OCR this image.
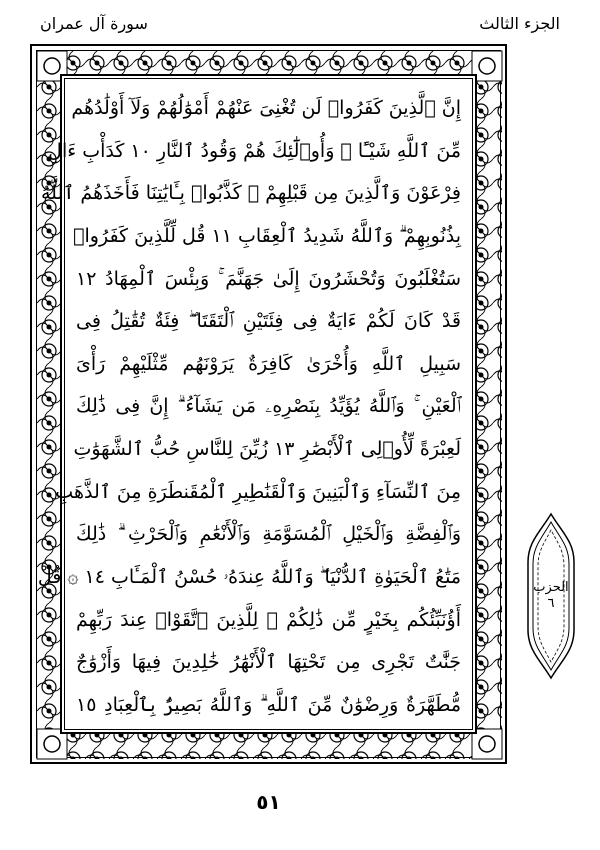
سورة آل عمران	الجزء الثالث
إِنَّ ٱلَّذِينَ كَفَرُوا۟ لَن تُغْنِىَ عَنْهُمْ أَمْوَٰلُهُمْ وَلَآ أَوْلَٰدُهُم
مِّنَ ٱللَّهِ شَيْـًٔا ۖ وَأُو۟لَٰٓئِكَ هُمْ وَقُودُ ٱلنَّارِ ١٠ كَدَأْبِ ءَالِ
فِرْعَوْنَ وَٱلَّذِينَ مِن قَبْلِهِمْ ۚ كَذَّبُوا۟ بِـَٔايَٰتِنَا فَأَخَذَهُمُ ٱللَّهُ
بِذُنُوبِهِمْ ۗ وَٱللَّهُ شَدِيدُ ٱلْعِقَابِ ١١ قُل لِّلَّذِينَ كَفَرُوا۟
سَتُغْلَبُونَ وَتُحْشَرُونَ إِلَىٰ جَهَنَّمَ ۚ وَبِئْسَ ٱلْمِهَادُ ١٢
قَدْ كَانَ لَكُمْ ءَايَةٌ فِى فِئَتَيْنِ ٱلْتَقَتَا ۖ فِئَةٌ تُقَٰتِلُ فِى
سَبِيلِ ٱللَّهِ وَأُخْرَىٰ كَافِرَةٌ يَرَوْنَهُم مِّثْلَيْهِمْ رَأْىَ
ٱلْعَيْنِ ۚ وَٱللَّهُ يُؤَيِّدُ بِنَصْرِهِۦ مَن يَشَآءُ ۗ إِنَّ فِى ذَٰلِكَ
لَعِبْرَةً لِّأُو۟لِى ٱلْأَبْصَٰرِ ١٣ زُيِّنَ لِلنَّاسِ حُبُّ ٱلشَّهَوَٰتِ
مِنَ ٱلنِّسَآءِ وَٱلْبَنِينَ وَٱلْقَنَٰطِيرِ ٱلْمُقَنطَرَةِ مِنَ ٱلذَّهَبِ
وَٱلْفِضَّةِ وَٱلْخَيْلِ ٱلْمُسَوَّمَةِ وَٱلْأَنْعَٰمِ وَٱلْحَرْثِ ۗ ذَٰلِكَ
مَتَٰعُ ٱلْحَيَوٰةِ ٱلدُّنْيَا ۖ وَٱللَّهُ عِندَهُۥ حُسْنُ ٱلْمَـَٔابِ ١٤ ۞ قُلْ
أَؤُنَبِّئُكُم بِخَيْرٍ مِّن ذَٰلِكُمْ ۚ لِلَّذِينَ ٱتَّقَوْا۟ عِندَ رَبِّهِمْ
جَنَّٰتٌ تَجْرِى مِن تَحْتِهَا ٱلْأَنْهَٰرُ خَٰلِدِينَ فِيهَا وَأَزْوَٰجٌ
مُّطَهَّرَةٌ وَرِضْوَٰنٌ مِّنَ ٱللَّهِ ۗ وَٱللَّهُ بَصِيرٌۢ بِٱلْعِبَادِ ١٥
الحزب
٦
٥١
